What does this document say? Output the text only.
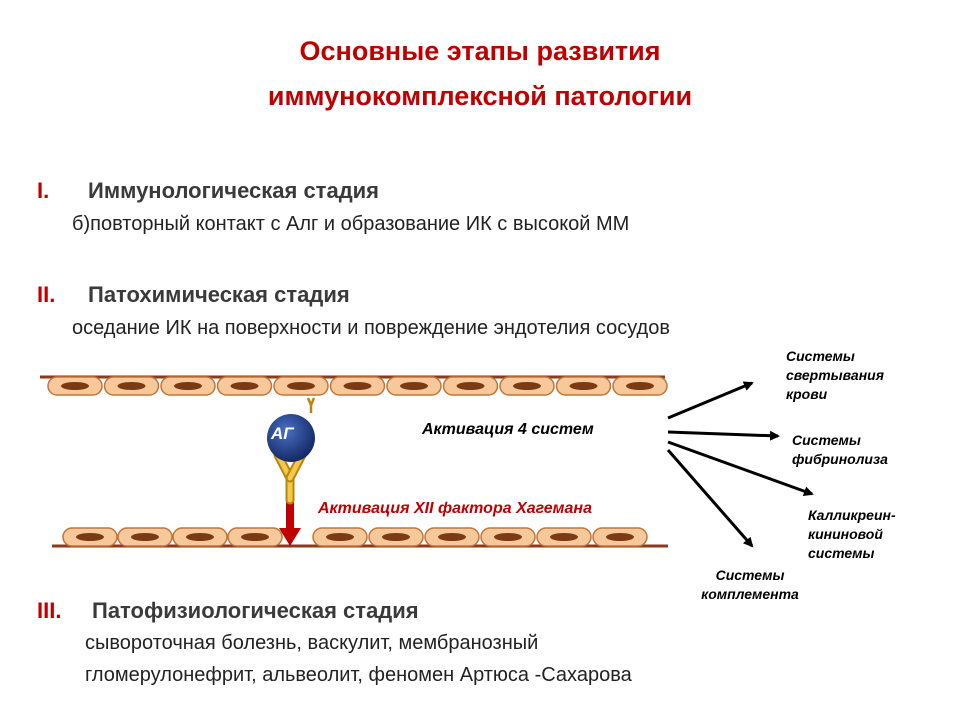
Основные этапы развития
иммунокомплексной патологии
I. Иммунологическая стадия
б)повторный контакт с Алг и образование ИК с высокой ММ
II. Патохимическая стадия
оседание ИК на поверхности и повреждение эндотелия сосудов
III. Патофизиологическая стадия
сывороточная болезнь, васкулит, мембранозный
гломерулонефрит, альвеолит, феномен Артюса -Сахарова
АГ	Активация 4 систем
Активация XII фактора Хагемана
Системы
свертывания
крови
Системы
фибринолиза
Калликреин-
кининовой
системы
Системы
комплемента
